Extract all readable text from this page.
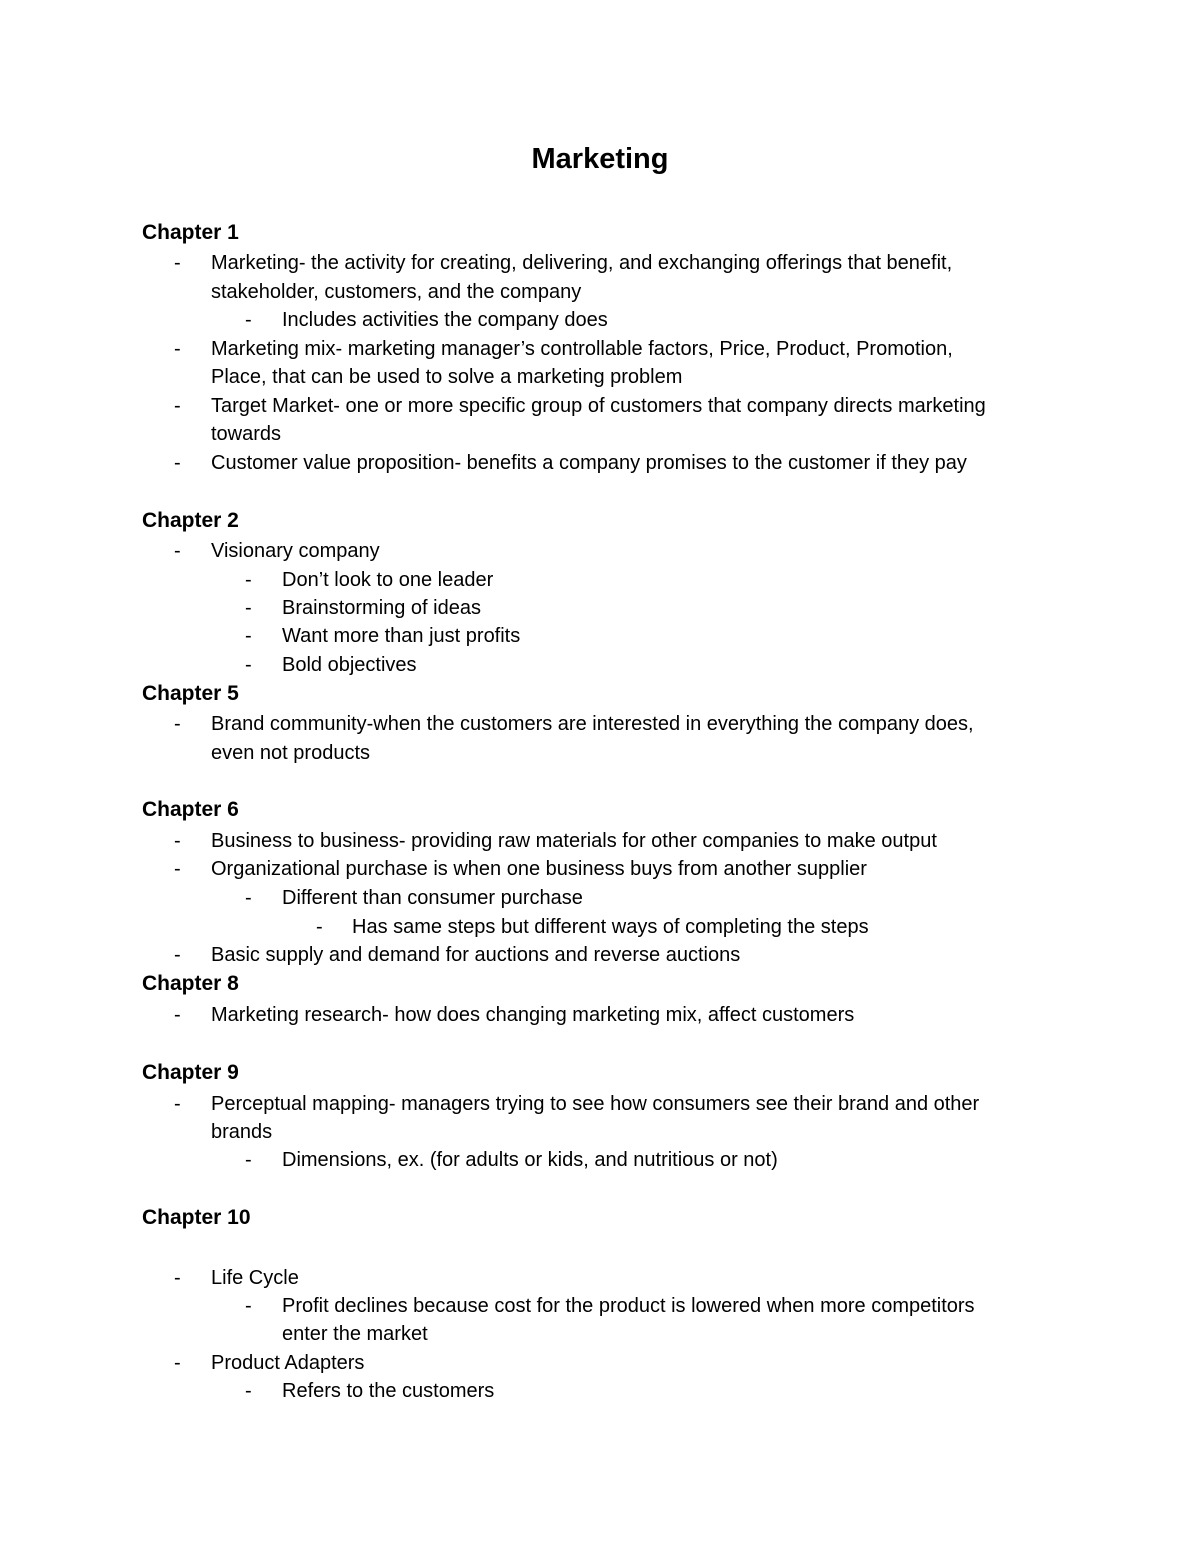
Marketing
Chapter 1
- Marketing- the activity for creating, delivering, and exchanging offerings that benefit,
stakeholder, customers, and the company
- Includes activities the company does
- Marketing mix- marketing manager’s controllable factors, Price, Product, Promotion,
Place, that can be used to solve a marketing problem
- Target Market- one or more specific group of customers that company directs marketing
towards
- Customer value proposition- benefits a company promises to the customer if they pay
Chapter 2
- Visionary company
- Don’t look to one leader
- Brainstorming of ideas
- Want more than just profits
- Bold objectives
Chapter 5
- Brand community-when the customers are interested in everything the company does,
even not products
Chapter 6
- Business to business- providing raw materials for other companies to make output
- Organizational purchase is when one business buys from another supplier
- Different than consumer purchase
- Has same steps but different ways of completing the steps
- Basic supply and demand for auctions and reverse auctions
Chapter 8
- Marketing research- how does changing marketing mix, affect customers
Chapter 9
- Perceptual mapping- managers trying to see how consumers see their brand and other
brands
- Dimensions, ex. (for adults or kids, and nutritious or not)
Chapter 10
- Life Cycle
- Profit declines because cost for the product is lowered when more competitors
enter the market
- Product Adapters
- Refers to the customers
